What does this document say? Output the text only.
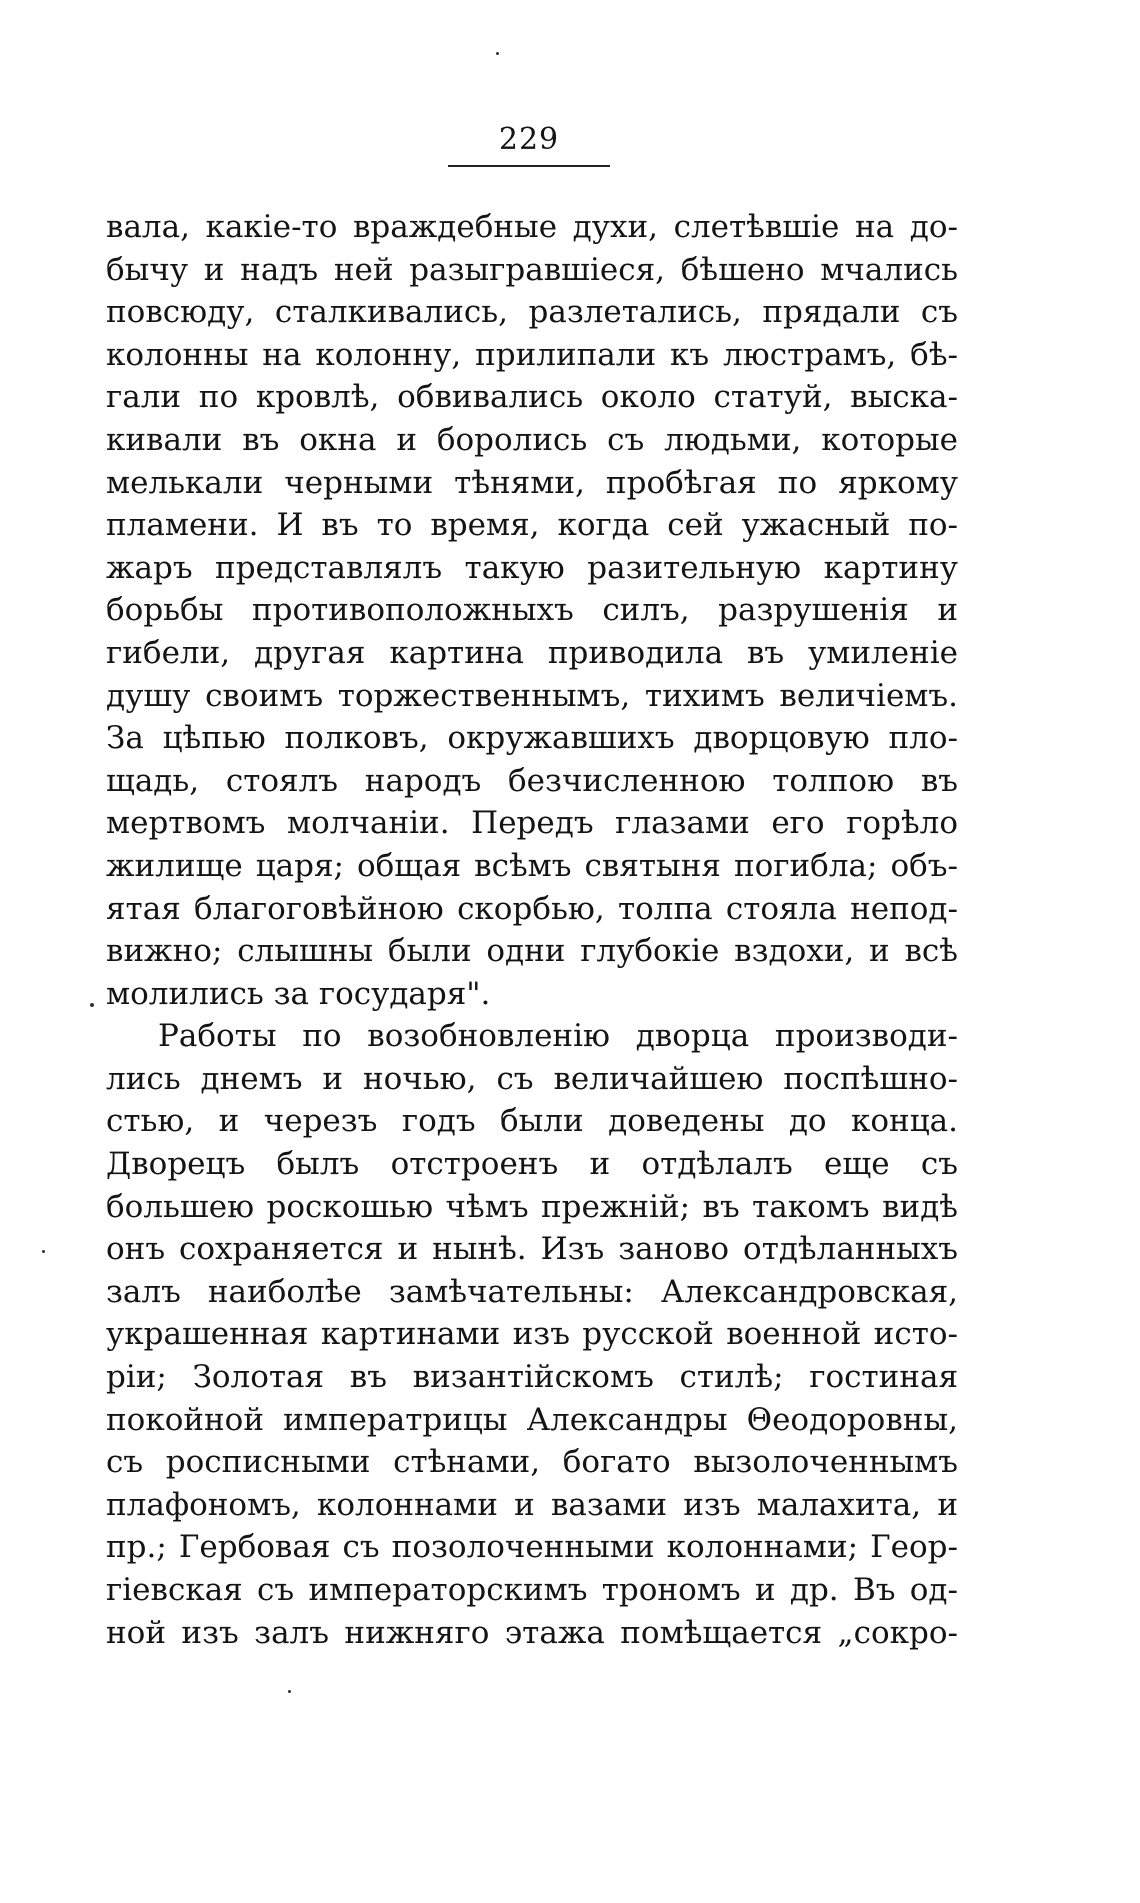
229
вала, какіе-то враждебные духи, слетѣвшіе на до-
бычу и надъ ней разыгравшіеся, бѣшено мчались
повсюду, сталкивались, разлетались, прядали съ
колонны на колонну, прилипали къ люстрамъ, бѣ-
гали по кровлѣ, обвивались около статуй, выска-
кивали въ окна и боролись съ людьми, которые
мелькали черными тѣнями, пробѣгая по яркому
пламени. И въ то время, когда сей ужасный по-
жаръ представлялъ такую разительную картину
борьбы противоположныхъ силъ, разрушенія и
гибели, другая картина приводила въ умиленіе
душу своимъ торжественнымъ, тихимъ величіемъ.
За цѣпью полковъ, окружавшихъ дворцовую пло-
щадь, стоялъ народъ безчисленною толпою въ
мертвомъ молчаніи. Передъ глазами его горѣло
жилище царя; общая всѣмъ святыня погибла; объ-
ятая благоговѣйною скорбью, толпа стояла непод-
вижно; слышны были одни глубокіе вздохи, и всѣ
молились за государя".
Работы по возобновленію дворца производи-
лись днемъ и ночью, съ величайшею поспѣшно-
стью, и черезъ годъ были доведены до конца.
Дворецъ былъ отстроенъ и отдѣлалъ еще съ
большею роскошью чѣмъ прежній; въ такомъ видѣ
онъ сохраняется и нынѣ. Изъ заново отдѣланныхъ
залъ наиболѣе замѣчательны: Александровская,
украшенная картинами изъ русской военной исто-
ріи; Золотая въ византійскомъ стилѣ; гостиная
покойной императрицы Александры Θеодоровны,
съ росписными стѣнами, богато вызолоченнымъ
плафономъ, колоннами и вазами изъ малахита, и
пр.; Гербовая съ позолоченными колоннами; Геор-
гіевская съ императорскимъ трономъ и др. Въ од-
ной изъ залъ нижняго этажа помѣщается „сокро-
